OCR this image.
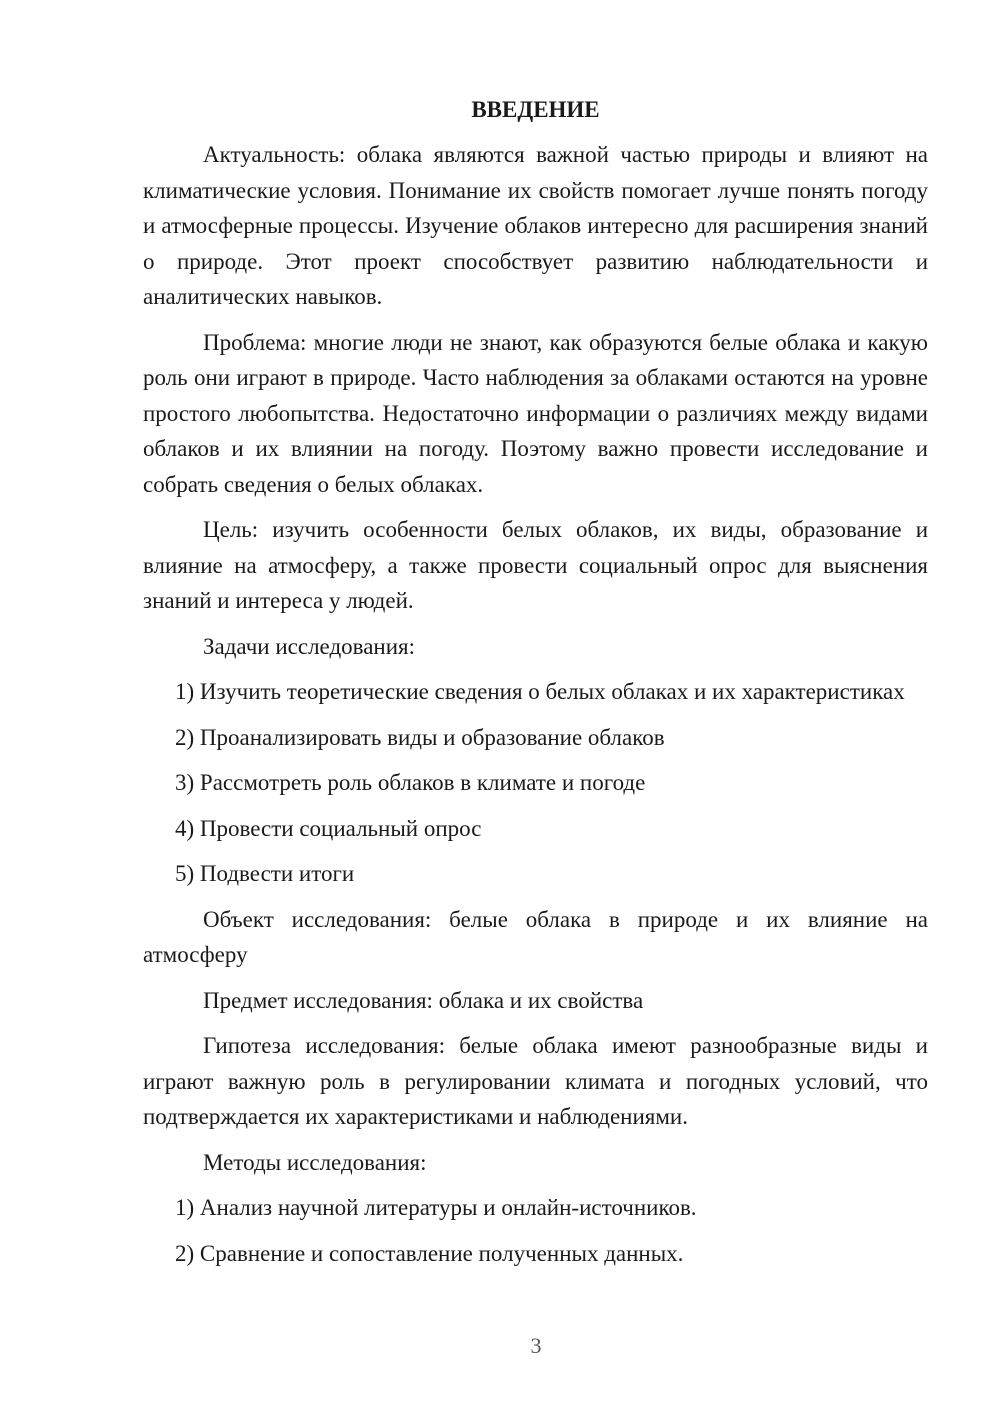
ВВЕДЕНИЕ

Актуальность: облака являются важной частью природы и влияют на климатические условия. Понимание их свойств помогает лучше понять погоду и атмосферные процессы. Изучение облаков интересно для расширения знаний о природе. Этот проект способствует развитию наблюдательности и аналитических навыков.

Проблема: многие люди не знают, как образуются белые облака и какую роль они играют в природе. Часто наблюдения за облаками остаются на уровне простого любопытства. Недостаточно информации о различиях между видами облаков и их влиянии на погоду. Поэтому важно провести исследование и собрать сведения о белых облаках.

Цель: изучить особенности белых облаков, их виды, образование и влияние на атмосферу, а также провести социальный опрос для выяснения знаний и интереса у людей.

Задачи исследования:

1) Изучить теоретические сведения о белых облаках и их характеристиках

2) Проанализировать виды и образование облаков

3) Рассмотреть роль облаков в климате и погоде

4) Провести социальный опрос

5) Подвести итоги

Объект исследования: белые облака в природе и их влияние на атмосферу

Предмет исследования: облака и их свойства

Гипотеза исследования: белые облака имеют разнообразные виды и играют важную роль в регулировании климата и погодных условий, что подтверждается их характеристиками и наблюдениями.

Методы исследования:

1) Анализ научной литературы и онлайн-источников.

2) Сравнение и сопоставление полученных данных.

3
